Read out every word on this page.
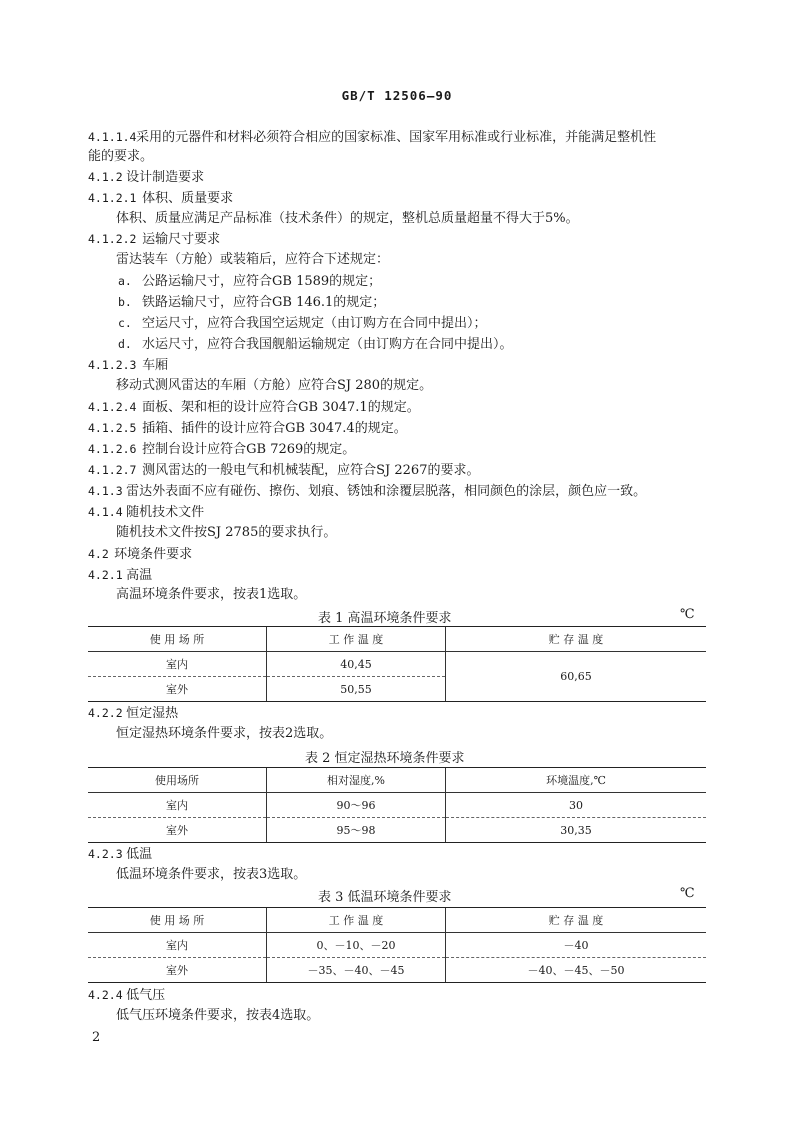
GB/T 12506—90
4.1.1.4 采用的元器件和材料必须符合相应的国家标准、国家军用标准或行业标准，并能满足整机性
能的要求。
4.1.2 设计制造要求
4.1.2.1 体积、质量要求
体积、质量应满足产品标准（技术条件）的规定，整机总质量超量不得大于5%。
4.1.2.2 运输尺寸要求
雷达装车（方舱）或装箱后，应符合下述规定：
a. 公路运输尺寸，应符合GB 1589的规定；
b. 铁路运输尺寸，应符合GB 146.1的规定；
c. 空运尺寸，应符合我国空运规定（由订购方在合同中提出）；
d. 水运尺寸，应符合我国舰船运输规定（由订购方在合同中提出）。
4.1.2.3 车厢
移动式测风雷达的车厢（方舱）应符合SJ 280的规定。
4.1.2.4 面板、架和柜的设计应符合GB 3047.1的规定。
4.1.2.5 插箱、插件的设计应符合GB 3047.4的规定。
4.1.2.6 控制台设计应符合GB 7269的规定。
4.1.2.7 测风雷达的一般电气和机械装配，应符合SJ 2267的要求。
4.1.3 雷达外表面不应有碰伤、擦伤、划痕、锈蚀和涂覆层脱落，相同颜色的涂层，颜色应一致。
4.1.4 随机技术文件
随机技术文件按SJ 2785的要求执行。
4.2 环境条件要求
4.2.1 高温
高温环境条件要求，按表1选取。
表 1 高温环境条件要求	℃
使 用 场 所	工 作 温 度	贮 存 温 度
室内	40,45	60,65
室外	50,55	
4.2.2 恒定湿热
恒定湿热环境条件要求，按表2选取。
表 2 恒定湿热环境条件要求
使用场所	相对湿度,%	环境温度,℃
室内	90～96	30
室外	95～98	30,35
4.2.3 低温
低温环境条件要求，按表3选取。
表 3 低温环境条件要求	℃
使 用 场 所	工 作 温 度	贮 存 温 度
室内	0、－10、－20	－40
室外	－35、－40、－45	－40、－45、－50
4.2.4 低气压
低气压环境条件要求，按表4选取。
2
